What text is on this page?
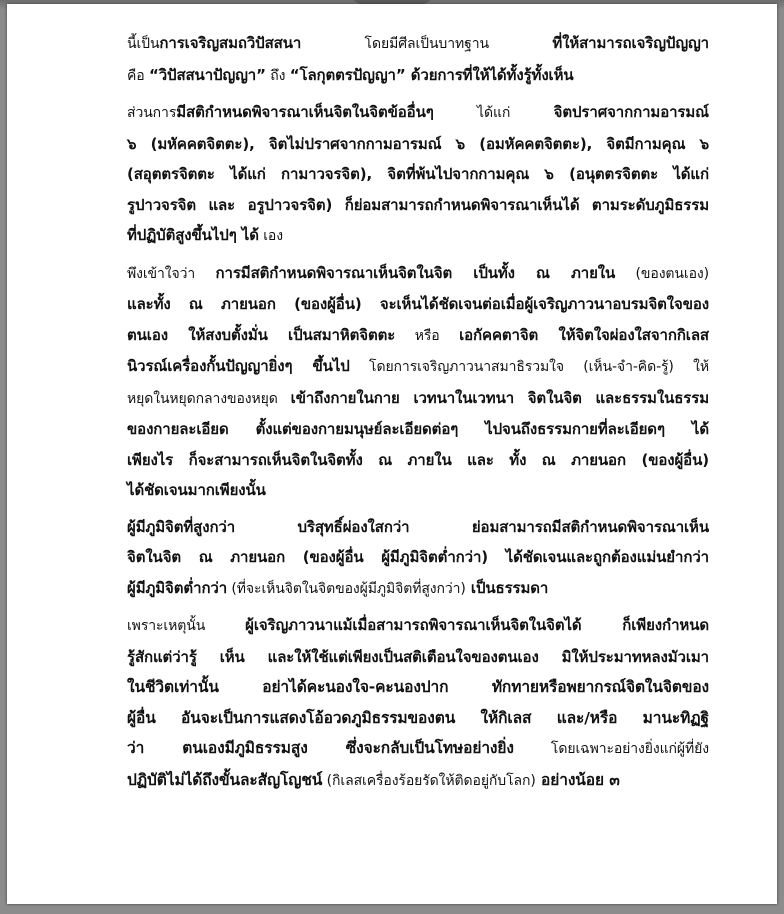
นี้เป็นการเจริญสมถวิปัสสนา โดยมีศีลเป็นบาทฐาน ที่ให้สามารถเจริญปัญญา
คือ “วิปัสสนาปัญญา” ถึง “โลกุตตรปัญญา” ด้วยการที่ให้ได้ทั้งรู้ทั้งเห็น
ส่วนการมีสติกำหนดพิจารณาเห็นจิตในจิตข้ออื่นๆ ได้แก่ จิตปราศจากกามอารมณ์
๖ (มหัคคตจิตตะ), จิตไม่ปราศจากกามอารมณ์ ๖ (อมหัคคตจิตตะ), จิตมีกามคุณ ๖
(สอุตตรจิตตะ ได้แก่ กามาวจรจิต), จิตที่พ้นไปจากกามคุณ ๖ (อนุตตรจิตตะ ได้แก่
รูปาวจรจิต และ อรูปาวจรจิต) ก็ย่อมสามารถกำหนดพิจารณาเห็นได้ ตามระดับภูมิธรรม
ที่ปฏิบัติสูงขึ้นไปๆ ได้ เอง
พึงเข้าใจว่า การมีสติกำหนดพิจารณาเห็นจิตในจิต เป็นทั้ง ณ ภายใน (ของตนเอง)
และทั้ง ณ ภายนอก (ของผู้อื่น) จะเห็นได้ชัดเจนต่อเมื่อผู้เจริญภาวนาอบรมจิตใจของ
ตนเอง ให้สงบตั้งมั่น เป็นสมาหิตจิตตะ หรือ เอกัคคตาจิต ให้จิตใจผ่องใสจากกิเลส
นิวรณ์เครื่องกั้นปัญญายิ่งๆ ขึ้นไป โดยการเจริญภาวนาสมาธิรวมใจ (เห็น-จำ-คิด-รู้) ให้
หยุดในหยุดกลางของหยุด เข้าถึงกายในกาย เวทนาในเวทนา จิตในจิต และธรรมในธรรม
ของกายละเอียด ตั้งแต่ของกายมนุษย์ละเอียดต่อๆ ไปจนถึงธรรมกายที่ละเอียดๆ ได้
เพียงไร ก็จะสามารถเห็นจิตในจิตทั้ง ณ ภายใน และ ทั้ง ณ ภายนอก (ของผู้อื่น)
ได้ชัดเจนมากเพียงนั้น
ผู้มีภูมิจิตที่สูงกว่า บริสุทธิ์ผ่องใสกว่า ย่อมสามารถมีสติกำหนดพิจารณาเห็น
จิตในจิต ณ ภายนอก (ของผู้อื่น ผู้มีภูมิจิตต่ำกว่า) ได้ชัดเจนและถูกต้องแม่นยำกว่า
ผู้มีภูมิจิตต่ำกว่า (ที่จะเห็นจิตในจิตของผู้มีภูมิจิตที่สูงกว่า) เป็นธรรมดา
เพราะเหตุนั้น ผู้เจริญภาวนาแม้เมื่อสามารถพิจารณาเห็นจิตในจิตได้ ก็เพียงกำหนด
รู้สักแต่ว่ารู้ เห็น และให้ใช้แต่เพียงเป็นสติเตือนใจของตนเอง มิให้ประมาทหลงมัวเมา
ในชีวิตเท่านั้น อย่าได้คะนองใจ-คะนองปาก ทักทายหรือพยากรณ์จิตในจิตของ
ผู้อื่น อันจะเป็นการแสดงโอ้อวดภูมิธรรมของตน ให้กิเลส และ/หรือ มานะทิฏฐิ
ว่า ตนเองมีภูมิธรรมสูง ซึ่งจะกลับเป็นโทษอย่างยิ่ง โดยเฉพาะอย่างยิ่งแก่ผู้ที่ยัง
ปฏิบัติไม่ได้ถึงขั้นละสัญโญชน์ (กิเลสเครื่องร้อยรัดให้ติดอยู่กับโลก) อย่างน้อย ๓
